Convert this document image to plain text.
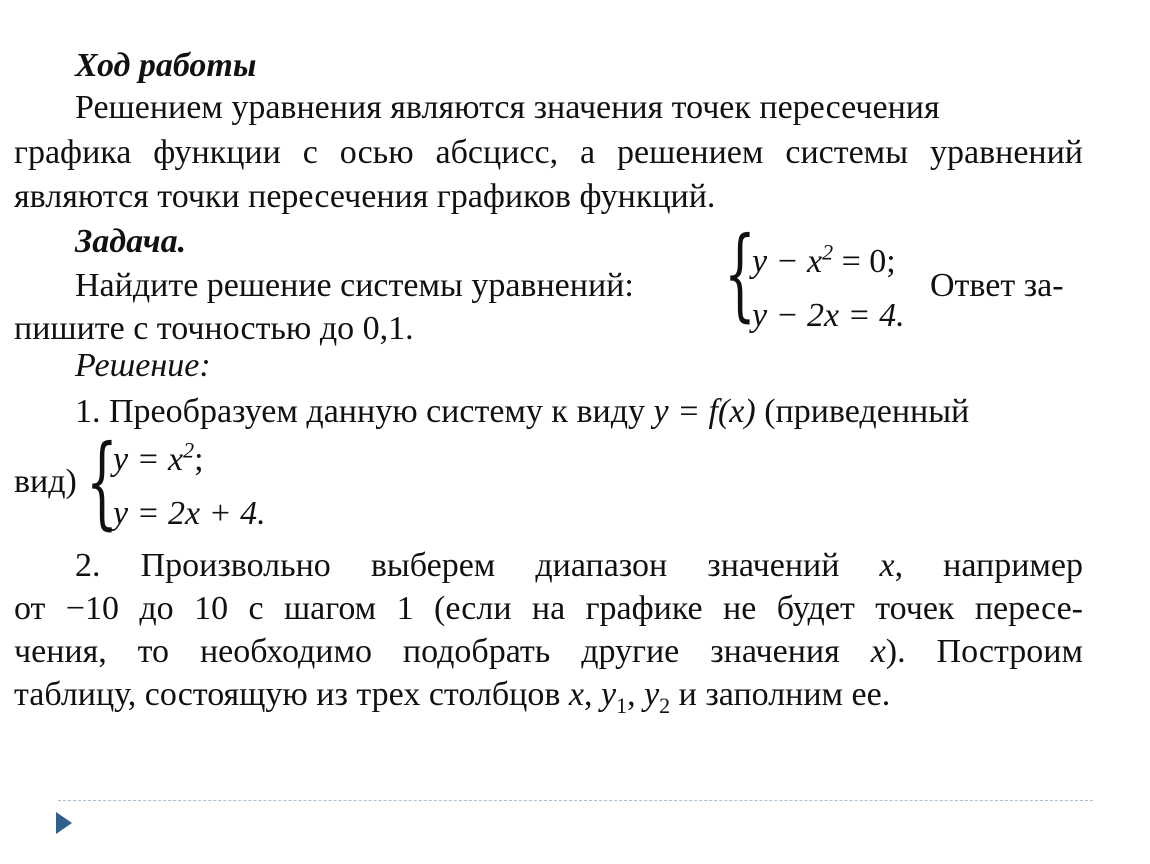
Ход работы
Решением уравнения являются значения точек пересечения
графика функции с осью абсцисс, а решением системы уравнений
являются точки пересечения графиков функций.
Задача.
Найдите решение системы уравнений: {
$y - x^2 = 0$;
y − 2x = 4.
Ответ за-
пишите с точностью до 0,1.
Решение:
1. Преобразуем данную систему к виду y = f(x) (приведенный
вид) {
$y = x^2$;
y = 2x + 4.
2. Произвольно выберем диапазон значений x, например
от −10 до 10 с шагом 1 (если на графике не будет точек пересе-
чения, то необходимо подобрать другие значения x). Построим
таблицу, состоящую из трех столбцов x, $y_1$, $y_2$ и заполним ее.
